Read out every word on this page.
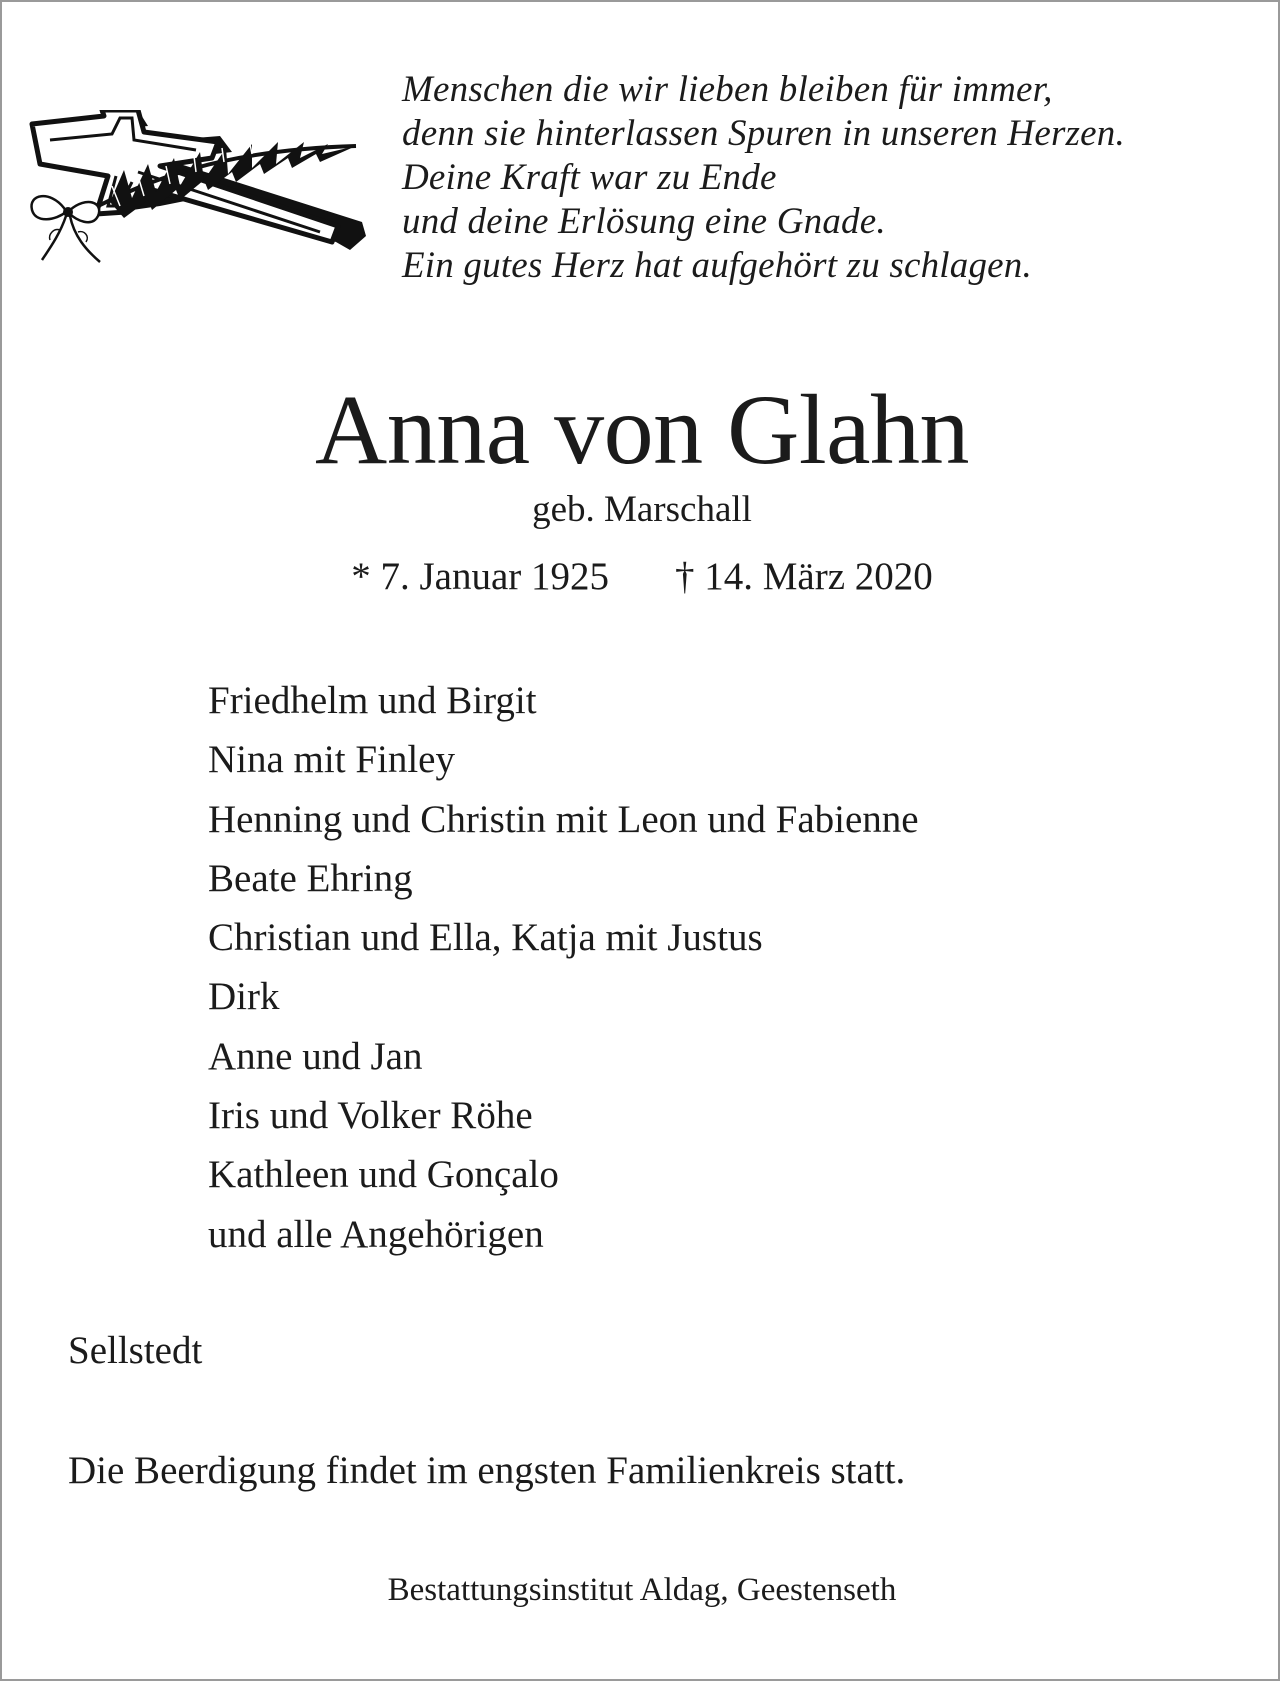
Menschen die wir lieben bleiben für immer,
denn sie hinterlassen Spuren in unseren Herzen.
Deine Kraft war zu Ende
und deine Erlösung eine Gnade.
Ein gutes Herz hat aufgehört zu schlagen.
Anna von Glahn
geb. Marschall
* 7. Januar 1925 † 14. März 2020
Friedhelm und Birgit
Nina mit Finley
Henning und Christin mit Leon und Fabienne
Beate Ehring
Christian und Ella, Katja mit Justus
Dirk
Anne und Jan
Iris und Volker Röhe
Kathleen und Gonçalo
und alle Angehörigen
Sellstedt
Die Beerdigung findet im engsten Familienkreis statt.
Bestattungsinstitut Aldag, Geestenseth
